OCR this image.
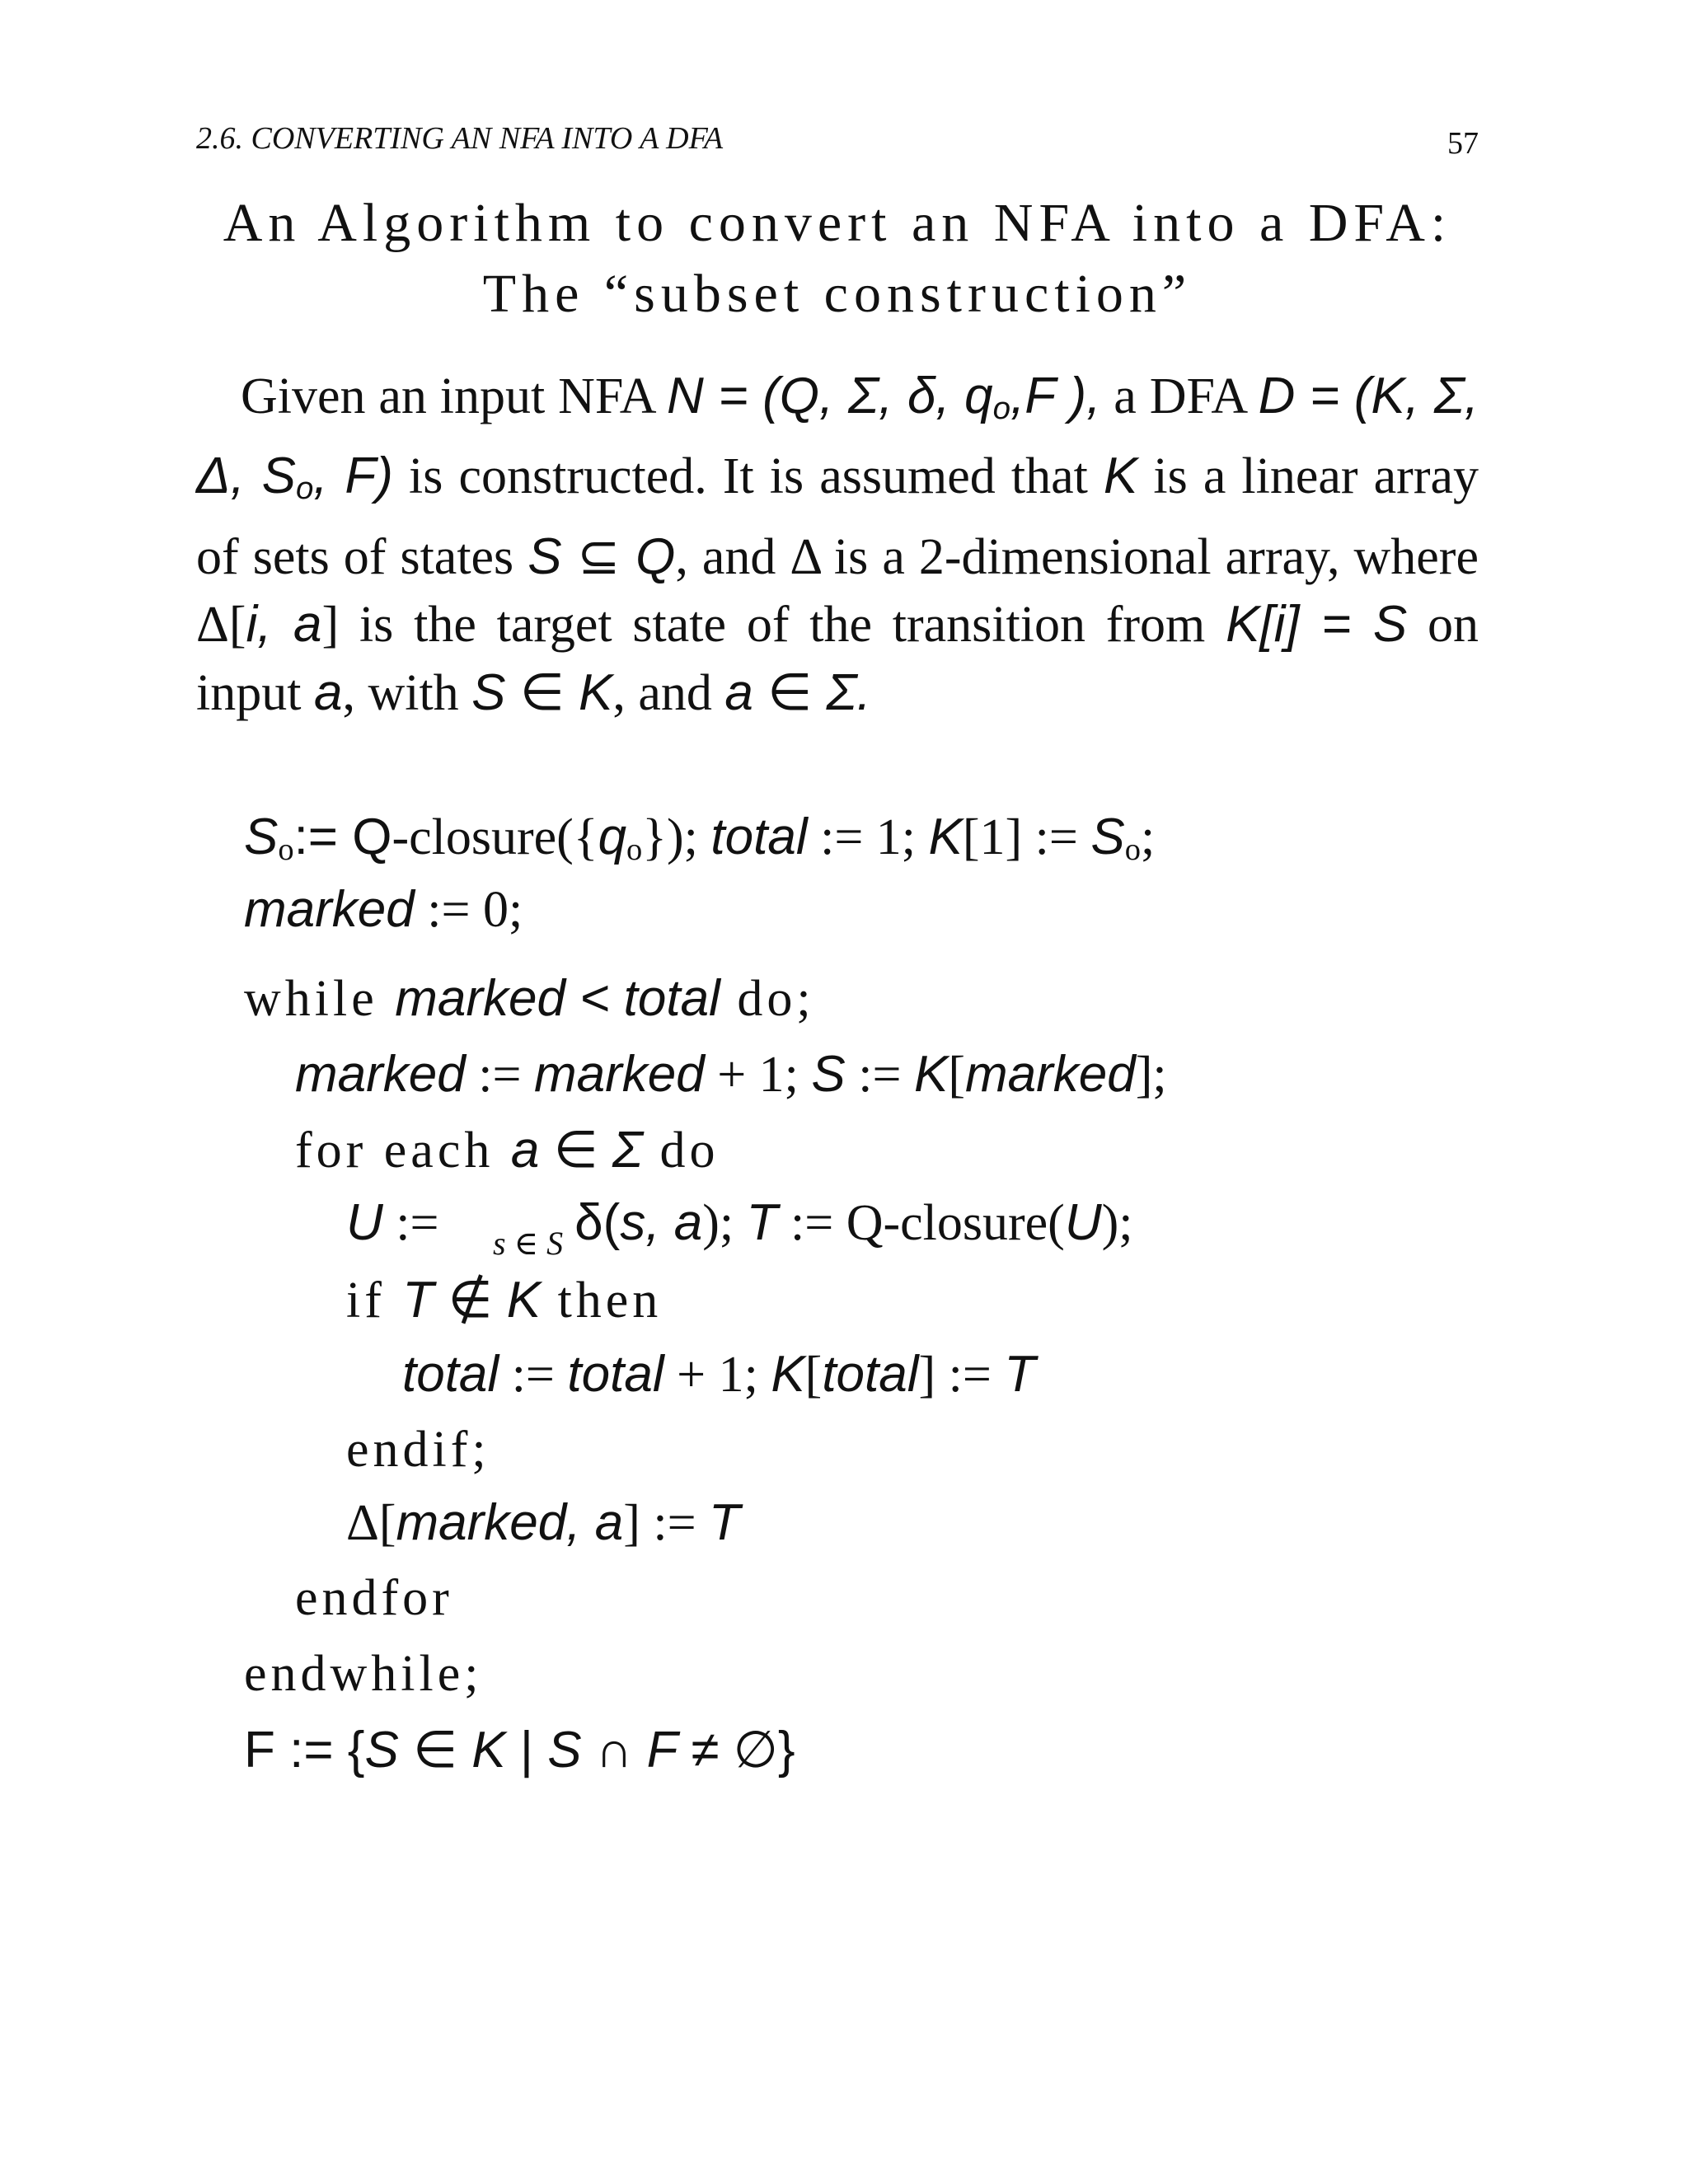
2.6. CONVERTING AN NFA INTO A DFA	57
An Algorithm to convert an NFA into a DFA:
The “subset construction”
Given an input NFA N = (Q, Σ, δ, qo,F ), a DFA D = (K, Σ, Δ, So, F) is constructed. It is assumed that K is a linear array of sets of states S ⊆ Q, and Δ is a 2-dimensional array, where Δ[i, a] is the target state of the transition from K[i] = S on input a, with S ∈ K, and a ∈ Σ.
So:= Q-closure({qo}); total := 1; K[1] := So;
marked := 0;
while marked < total do;
marked := marked + 1; S := K[marked];
for each a ∈ Σ do
U := $_{s \in S}$ δ(s, a); T := Q-closure(U);
if T ∉ K then
total := total + 1; K[total] := T
endif;
Δ[marked, a] := T
endfor
endwhile;
F := {S ∈ K | S ∩ F ≠ ∅}
